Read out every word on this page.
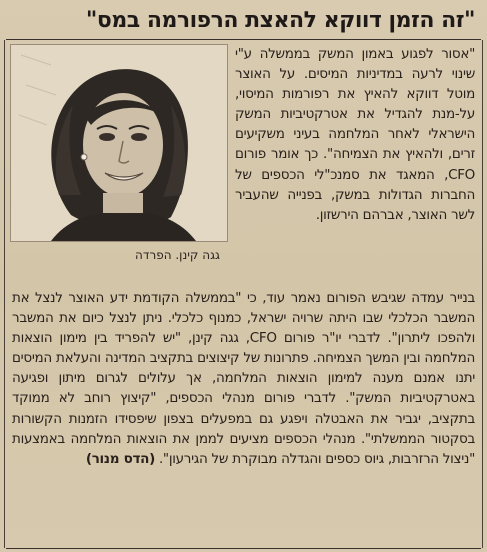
"זה הזמן דווקא להאצת הרפורמה במס"
גגה קינן. הפרדה

"אסור לפגוע באמון המשק בממשלה ע"י שינוי לרעה במדיניות המיסים. על האוצר מוטל דווקא להאיץ את רפורמות המיסוי, על-מנת להגדיל את אטרקטיביות המשק הישראלי לאחר המלחמה בעיני משקיעים זרים, ולהאיץ את הצמיחה". כך אומר פורום CFO, המאגד את סמנכ"לי הכספים של החברות הגדולות במשק, בפנייה שהעביר לשר האוצר, אברהם הירשזון.

בנייר עמדה שגיבש הפורום נאמר עוד, כי "בממשלה הקודמת ידע האוצר לנצל את המשבר הכלכלי שבו היתה שרויה ישראל, כמנוף כלכלי. ניתן לנצל כיום את המשבר ולהפכו ליתרון". לדברי יו"ר פורום CFO, גגה קינן, "יש להפריד בין מימון הוצאות המלחמה ובין המשך הצמיחה. פתרונות של קיצוצים בתקציב המדינה והעלאת המיסים יתנו אמנם מענה למימון הוצאות המלחמה, אך עלולים לגרום מיתון ופגיעה באטרקטיביות המשק". לדברי פורום מנהלי הכספים, "קיצוץ רוחב לא ממוקד בתקציב, יגביר את האבטלה ויפגע גם במפעלים בצפון שיפסידו הזמנות הקשורות בסקטור הממשלתי". מנהלי הכספים מציעים לממן את הוצאות המלחמה באמצעות "ניצול הרזרבות, גיוס כספים והגדלה מבוקרת של הגירעון". (הדס מנור)
